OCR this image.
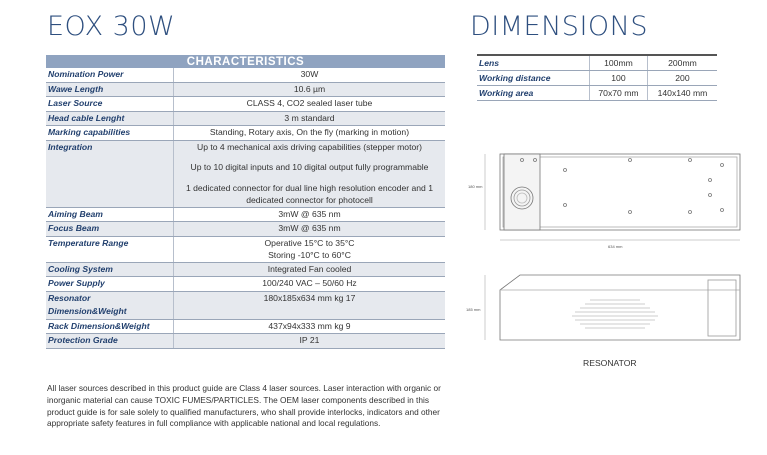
EOX 30W	DIMENSIONS
CHARACTERISTICS	
Nomination Power	30W

Wawe Length	10.6 µm

Laser Source	CLASS 4, CO2 sealed laser tube

Head cable Lenght	3 m standard

Marking capabilities	Standing, Rotary axis, On the fly (marking in motion)

Integration	Up to 4 mechanical axis driving capabilities (stepper motor)
Up to 10 digital inputs and 10 digital output fully programmable
1 dedicated connector for dual line high resolution encoder and 1 dedicated connector for photocell

Aiming Beam	3mW @ 635 nm

Focus Beam	3mW @ 635 nm

Temperature Range	Operative 15°C to 35°C
Storing -10°C to 60°C

Cooling System	Integrated Fan cooled

Power Supply	100/240 VAC – 50/60 Hz

Resonator Dimension&Weight	180x185x634 mm kg 17

Rack Dimension&Weight	437x94x333 mm kg 9

Protection Grade	IP 21
All laser sources described in this product guide are Class 4 laser sources. Laser interaction with organic or inorganic material can cause TOXIC FUMES/PARTICLES. The OEM laser components described in this product guide is for sale solely to qualified manufacturers, who shall provide interlocks, indicators and other appropriate safety features in full compliance with applicable national and local regulations.
Lens	100mm	200mm
Working distance	100	200
Working area	70x70 mm	140x140 mm
180 mm
634 mm
185 mm
RESONATOR
